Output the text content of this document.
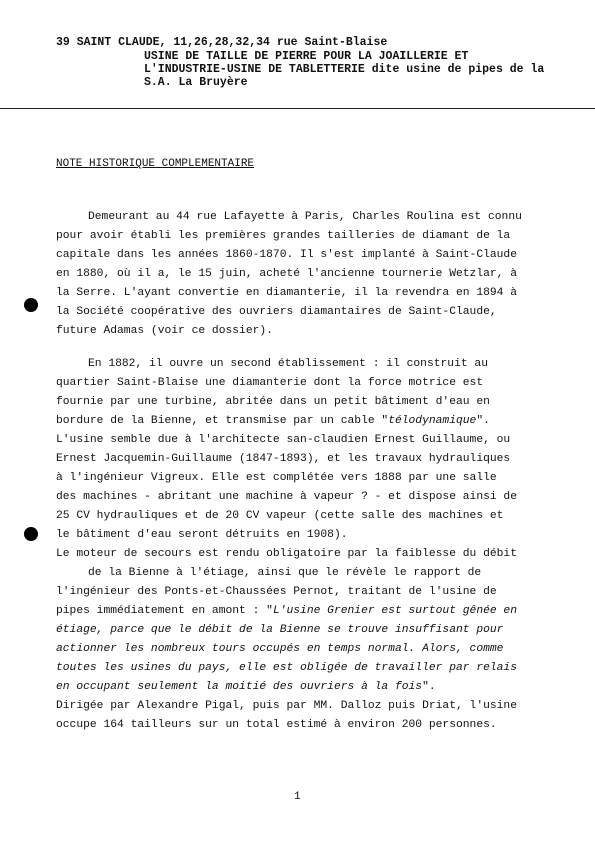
39 SAINT CLAUDE, 11,26,28,32,34 rue Saint-Blaise
USINE DE TAILLE DE PIERRE POUR LA JOAILLERIE ET
L'INDUSTRIE-USINE DE TABLETTERIE dite usine de pipes de la
S.A. La Bruyère
NOTE HISTORIQUE COMPLEMENTAIRE
Demeurant au 44 rue Lafayette à Paris, Charles Roulina est connu
pour avoir établi les premières grandes tailleries de diamant de la
capitale dans les années 1860-1870. Il s'est implanté à Saint-Claude
en 1880, où il a, le 15 juin, acheté l'ancienne tournerie Wetzlar, à
la Serre. L'ayant convertie en diamanterie, il la revendra en 1894 à
la Société coopérative des ouvriers diamantaires de Saint-Claude,
future Adamas (voir ce dossier).
En 1882, il ouvre un second établissement : il construit au
quartier Saint-Blaise une diamanterie dont la force motrice est
fournie par une turbine, abritée dans un petit bâtiment d'eau en
bordure de la Bienne, et transmise par un cable " télodynamique ".
L'usine semble due à l'architecte san-claudien Ernest Guillaume, ou
Ernest Jacquemin-Guillaume (1847-1893), et les travaux hydrauliques
à l'ingénieur Vigreux. Elle est complétée vers 1888 par une salle
des machines - abritant une machine à vapeur ? - et dispose ainsi de
25 CV hydrauliques et de 20 CV vapeur (cette salle des machines et
le bâtiment d'eau seront détruits en 1908).
Le moteur de secours est rendu obligatoire par la faiblesse du débit
de la Bienne à l'étiage, ainsi que le révèle le rapport de
l'ingénieur des Ponts-et-Chaussées Pernot, traitant de l'usine de
pipes immédiatement en amont : " L'usine Grenier est surtout gênée en
étiage, parce que le débit de la Bienne se trouve insuffisant pour
actionner les nombreux tours occupés en temps normal. Alors, comme
toutes les usines du pays, elle est obligée de travailler par relais
en occupant seulement la moitié des ouvriers à la fois ".
Dirigée par Alexandre Pigal, puis par MM. Dalloz puis Driat, l'usine
occupe 164 tailleurs sur un total estimé à environ 200 personnes.
1
